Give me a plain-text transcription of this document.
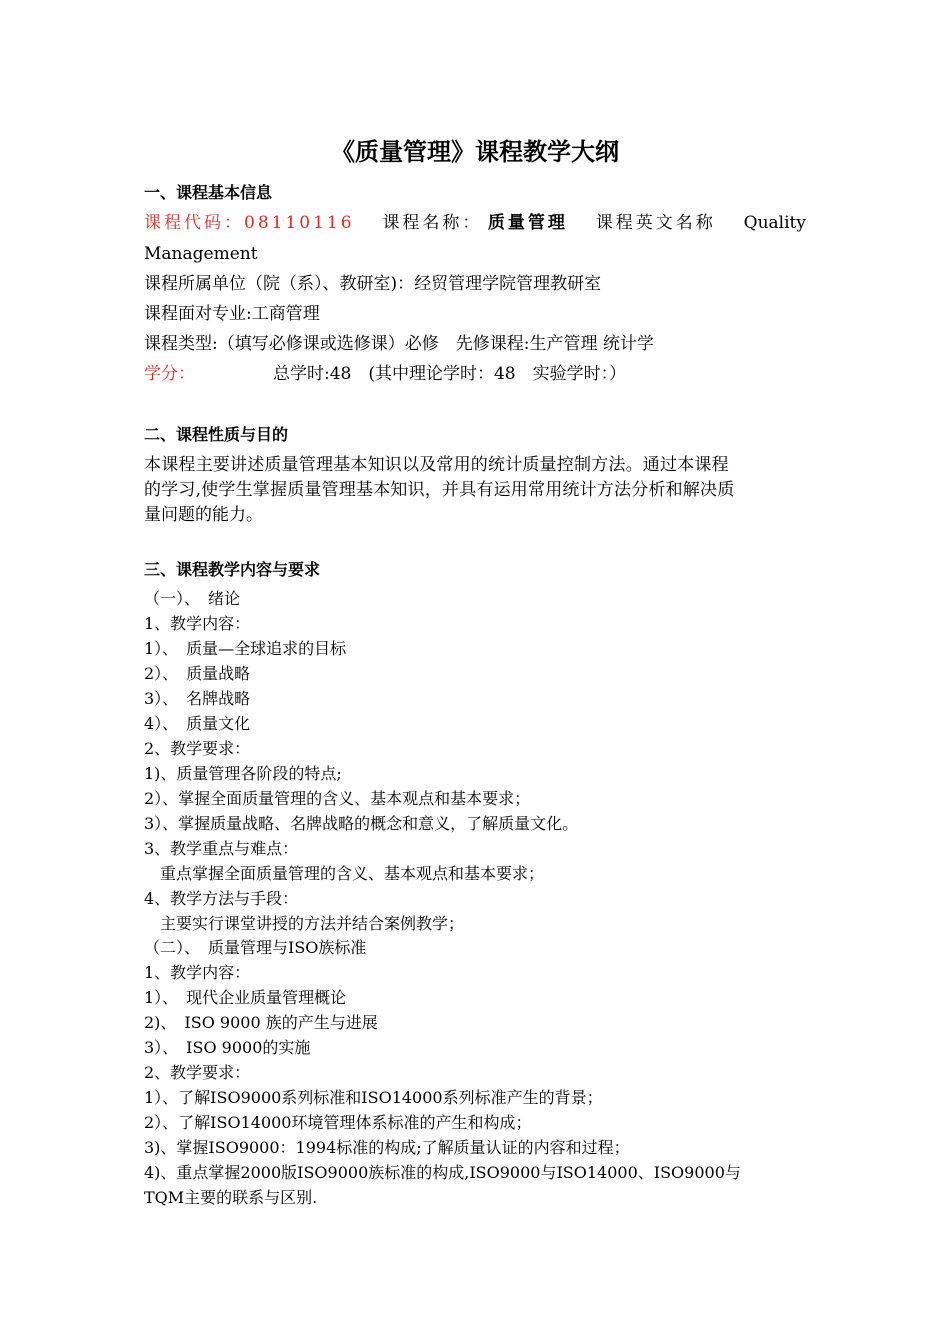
《质量管理》课程教学大纲
一、课程基本信息
课程代码：08110116 课程名称： 质量管理 课程英文名称 Quality
Management
课程所属单位（院（系）、教研室)：经贸管理学院管理教研室
课程面对专业:工商管理
课程类型:（填写必修课或选修课）必修　先修课程:生产管理 统计学
学分：	总学时:48　(其中理论学时：48　实验学时：）
二、课程性质与目的
本课程主要讲述质量管理基本知识以及常用的统计质量控制方法。通过本课程
的学习,使学生掌握质量管理基本知识，并具有运用常用统计方法分析和解决质
量问题的能力。
三、课程教学内容与要求
（一）、　绪论
1、教学内容：
1）、　质量—全球追求的目标
2）、　质量战略
3）、　名牌战略
4）、　质量文化
2、教学要求：
1)、质量管理各阶段的特点;
2）、掌握全面质量管理的含义、基本观点和基本要求；
3）、掌握质量战略、名牌战略的概念和意义，了解质量文化。
3、教学重点与难点：
　重点掌握全面质量管理的含义、基本观点和基本要求；
4、教学方法与手段：
　主要实行课堂讲授的方法并结合案例教学；
（二）、　质量管理与ISO族标准
1、教学内容：
1）、　现代企业质量管理概论
2)、　ISO 9000 族的产生与进展
3）、　ISO 9000的实施
2、教学要求：
1）、了解ISO9000系列标准和ISO14000系列标准产生的背景；
2）、了解ISO14000环境管理体系标准的产生和构成；
3)、掌握ISO9000：1994标准的构成;了解质量认证的内容和过程；
4)、重点掌握2000版ISO9000族标准的构成,ISO9000与ISO14000、ISO9000与
TQM主要的联系与区别.
